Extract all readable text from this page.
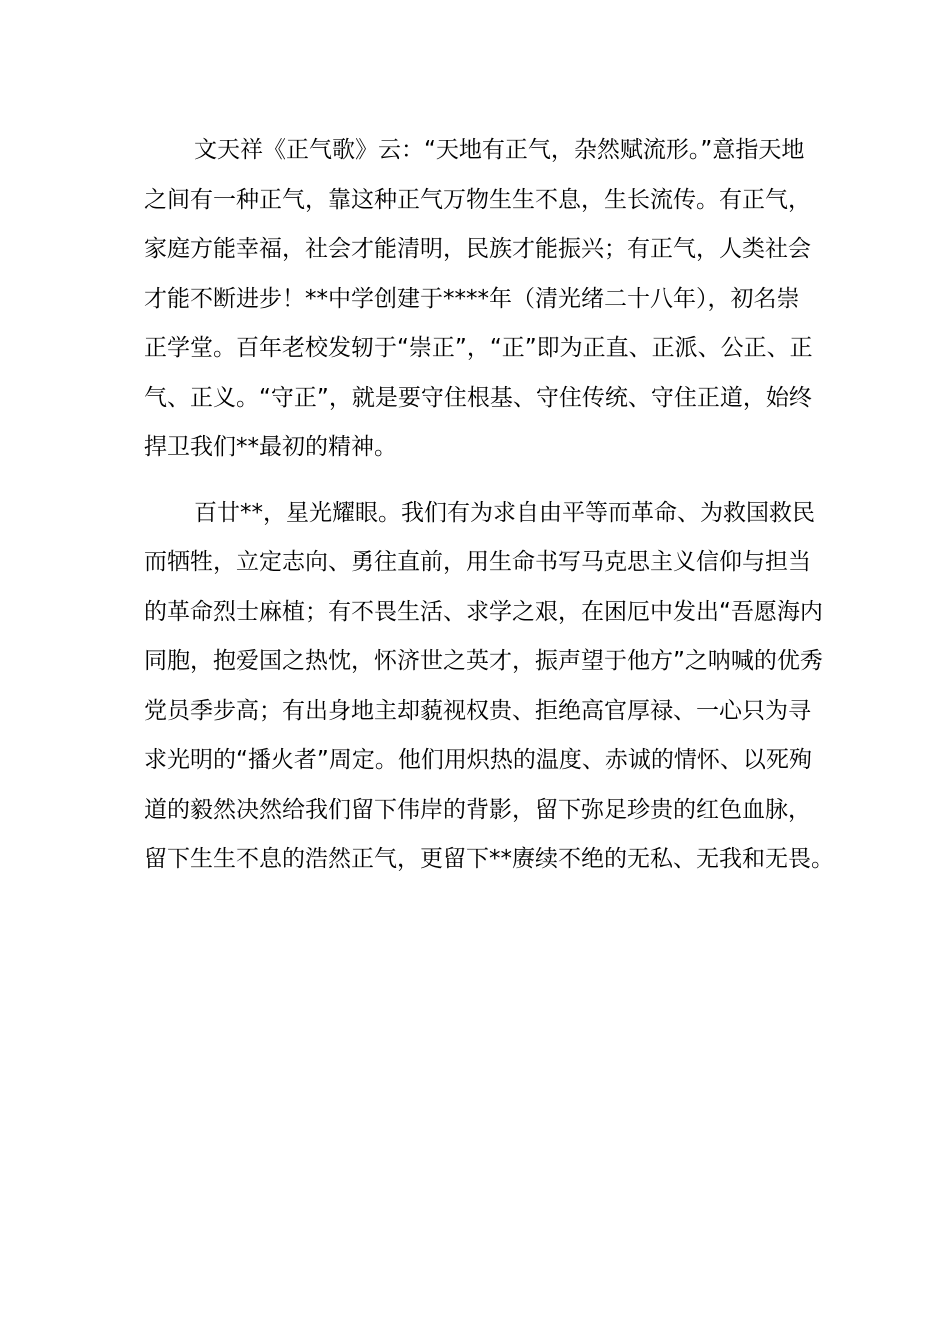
文天祥《正气歌》云：“天地有正气，杂然赋流形。”意指天地
之间有一种正气，靠这种正气万物生生不息，生长流传。有正气，
家庭方能幸福，社会才能清明，民族才能振兴；有正气，人类社会
才能不断进步！**中学创建于****年（清光绪二十八年），初名崇
正学堂。百年老校发轫于“崇正”，“正”即为正直、正派、公正、正
气、正义。“守正”，就是要守住根基、守住传统、守住正道，始终
捍卫我们**最初的精神。
百廿**，星光耀眼。我们有为求自由平等而革命、为救国救民
而牺牲，立定志向、勇往直前，用生命书写马克思主义信仰与担当
的革命烈士麻植；有不畏生活、求学之艰，在困厄中发出“吾愿海内
同胞，抱爱国之热忱，怀济世之英才，振声望于他方”之呐喊的优秀
党员季步高；有出身地主却藐视权贵、拒绝高官厚禄、一心只为寻
求光明的“播火者”周定。他们用炽热的温度、赤诚的情怀、以死殉
道的毅然决然给我们留下伟岸的背影，留下弥足珍贵的红色血脉，
留下生生不息的浩然正气，更留下**赓续不绝的无私、无我和无畏。
